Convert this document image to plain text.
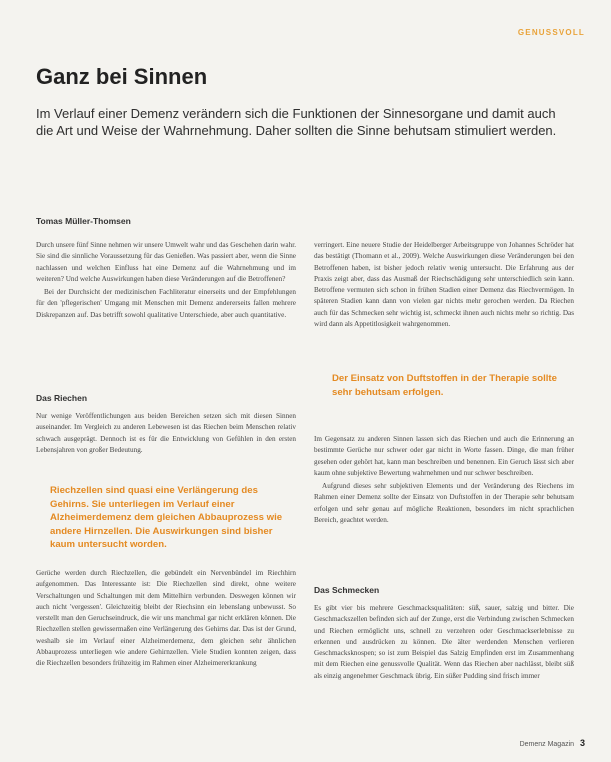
GENUSSVOLL
Ganz bei Sinnen
Im Verlauf einer Demenz verändern sich die Funktionen der Sinnesorgane und damit auch die Art und Weise der Wahrnehmung. Daher sollten die Sinne behutsam stimuliert werden.
Tomas Müller-Thomsen

Durch unsere fünf Sinne nehmen wir unsere Umwelt wahr und das Geschehen darin wahr. Sie sind die sinnliche Voraussetzung für das Genießen. Was passiert aber, wenn die Sinne nachlassen und welchen Einfluss hat eine Demenz auf die Wahrnehmung und im weiteren? Und welche Auswirkungen haben diese Veränderungen auf die Betroffenen?

Bei der Durchsicht der medizinischen Fachliteratur einerseits und der Empfehlungen für den 'pflegerischen' Umgang mit Menschen mit Demenz andererseits fallen mehrere Diskrepanzen auf. Das betrifft sowohl qualitative Unterschiede, aber auch quantitative.

Das Riechen

Nur wenige Veröffentlichungen aus beiden Bereichen setzen sich mit diesen Sinnen auseinander. Im Vergleich zu anderen Lebewesen ist das Riechen beim Menschen relativ schwach ausgeprägt. Dennoch ist es für die Entwicklung von Gefühlen in den ersten Lebensjahren von großer Bedeutung.

Riechzellen sind quasi eine Verlängerung des Gehirns. Sie unterliegen im Verlauf einer Alzheimerdemenz dem gleichen Abbauprozess wie andere Hirnzellen. Die Auswirkungen sind bisher kaum untersucht worden.

Gerüche werden durch Riechzellen, die gebündelt ein Nervenbündel im Riechhirn aufgenommen. Das Interessante ist: Die Riechzellen sind direkt, ohne weitere Verschaltungen und Schaltungen mit dem Mittelhirn verbunden. Deswegen können wir auch nicht 'vergessen'. Gleichzeitig bleibt der Riechsinn ein lebenslang unbewusst. So verstellt man den Geruchseindruck, die wir uns manchmal gar nicht erklären können. Die Riechzellen stellen gewissermaßen eine Verlängerung des Gehirns dar. Das ist der Grund, weshalb sie im Verlauf einer Alzheimerdemenz, dem gleichen sehr ähnlichen Abbauprozess unterliegen wie andere Gehirnzellen. Viele Studien konnten zeigen, dass die Riechzellen besonders frühzeitig im Rahmen einer Alzheimererkrankung

verringert. Eine neuere Studie der Heidelberger Arbeitsgruppe von Johannes Schröder hat das bestätigt (Thomann et al., 2009). Welche Auswirkungen diese Veränderungen bei den Betroffenen haben, ist bisher jedoch relativ wenig untersucht. Die Erfahrung aus der Praxis zeigt aber, dass das Ausmaß der Riechschädigung sehr unterschiedlich sein kann. Betroffene vermuten sich schon in frühen Stadien einer Demenz das Riechvermögen. In späteren Stadien kann dann von vielen gar nichts mehr gerochen werden. Da Riechen auch für das Schmecken sehr wichtig ist, schmeckt ihnen auch nichts mehr so richtig. Das wird dann als Appetitlosigkeit wahrgenommen.

Der Einsatz von Duftstoffen in der Therapie sollte sehr behutsam erfolgen.

Im Gegensatz zu anderen Sinnen lassen sich das Riechen und auch die Erinnerung an bestimmte Gerüche nur schwer oder gar nicht in Worte fassen. Dinge, die man früher gesehen oder gehört hat, kann man beschreiben und benennen. Ein Geruch lässt sich aber kaum ohne subjektive Bewertung wahrnehmen und nur schwer beschreiben.

Aufgrund dieses sehr subjektiven Elements und der Veränderung des Riechens im Rahmen einer Demenz sollte der Einsatz von Duftstoffen in der Therapie sehr behutsam erfolgen und sehr genau auf mögliche Reaktionen, besonders im nicht sprachlichen Bereich, geachtet werden.

Das Schmecken

Es gibt vier bis mehrere Geschmacksqualitäten: süß, sauer, salzig und bitter. Die Geschmackszellen befinden sich auf der Zunge, erst die Verbindung zwischen Schmecken und Riechen ermöglicht uns, schnell zu verzehren oder Geschmackserlebnisse zu erkennen und ausdrücken zu können. Die älter werdenden Menschen verlieren Geschmacksknospen; so ist zum Beispiel das Salzig Empfinden erst im Zusammenhang mit dem Riechen eine genussvolle Qualität. Wenn das Riechen aber nachlässt, bleibt süß als einzig angenehmer Geschmack übrig. Ein süßer Pudding sind frisch immer

Demenz Magazin 3
